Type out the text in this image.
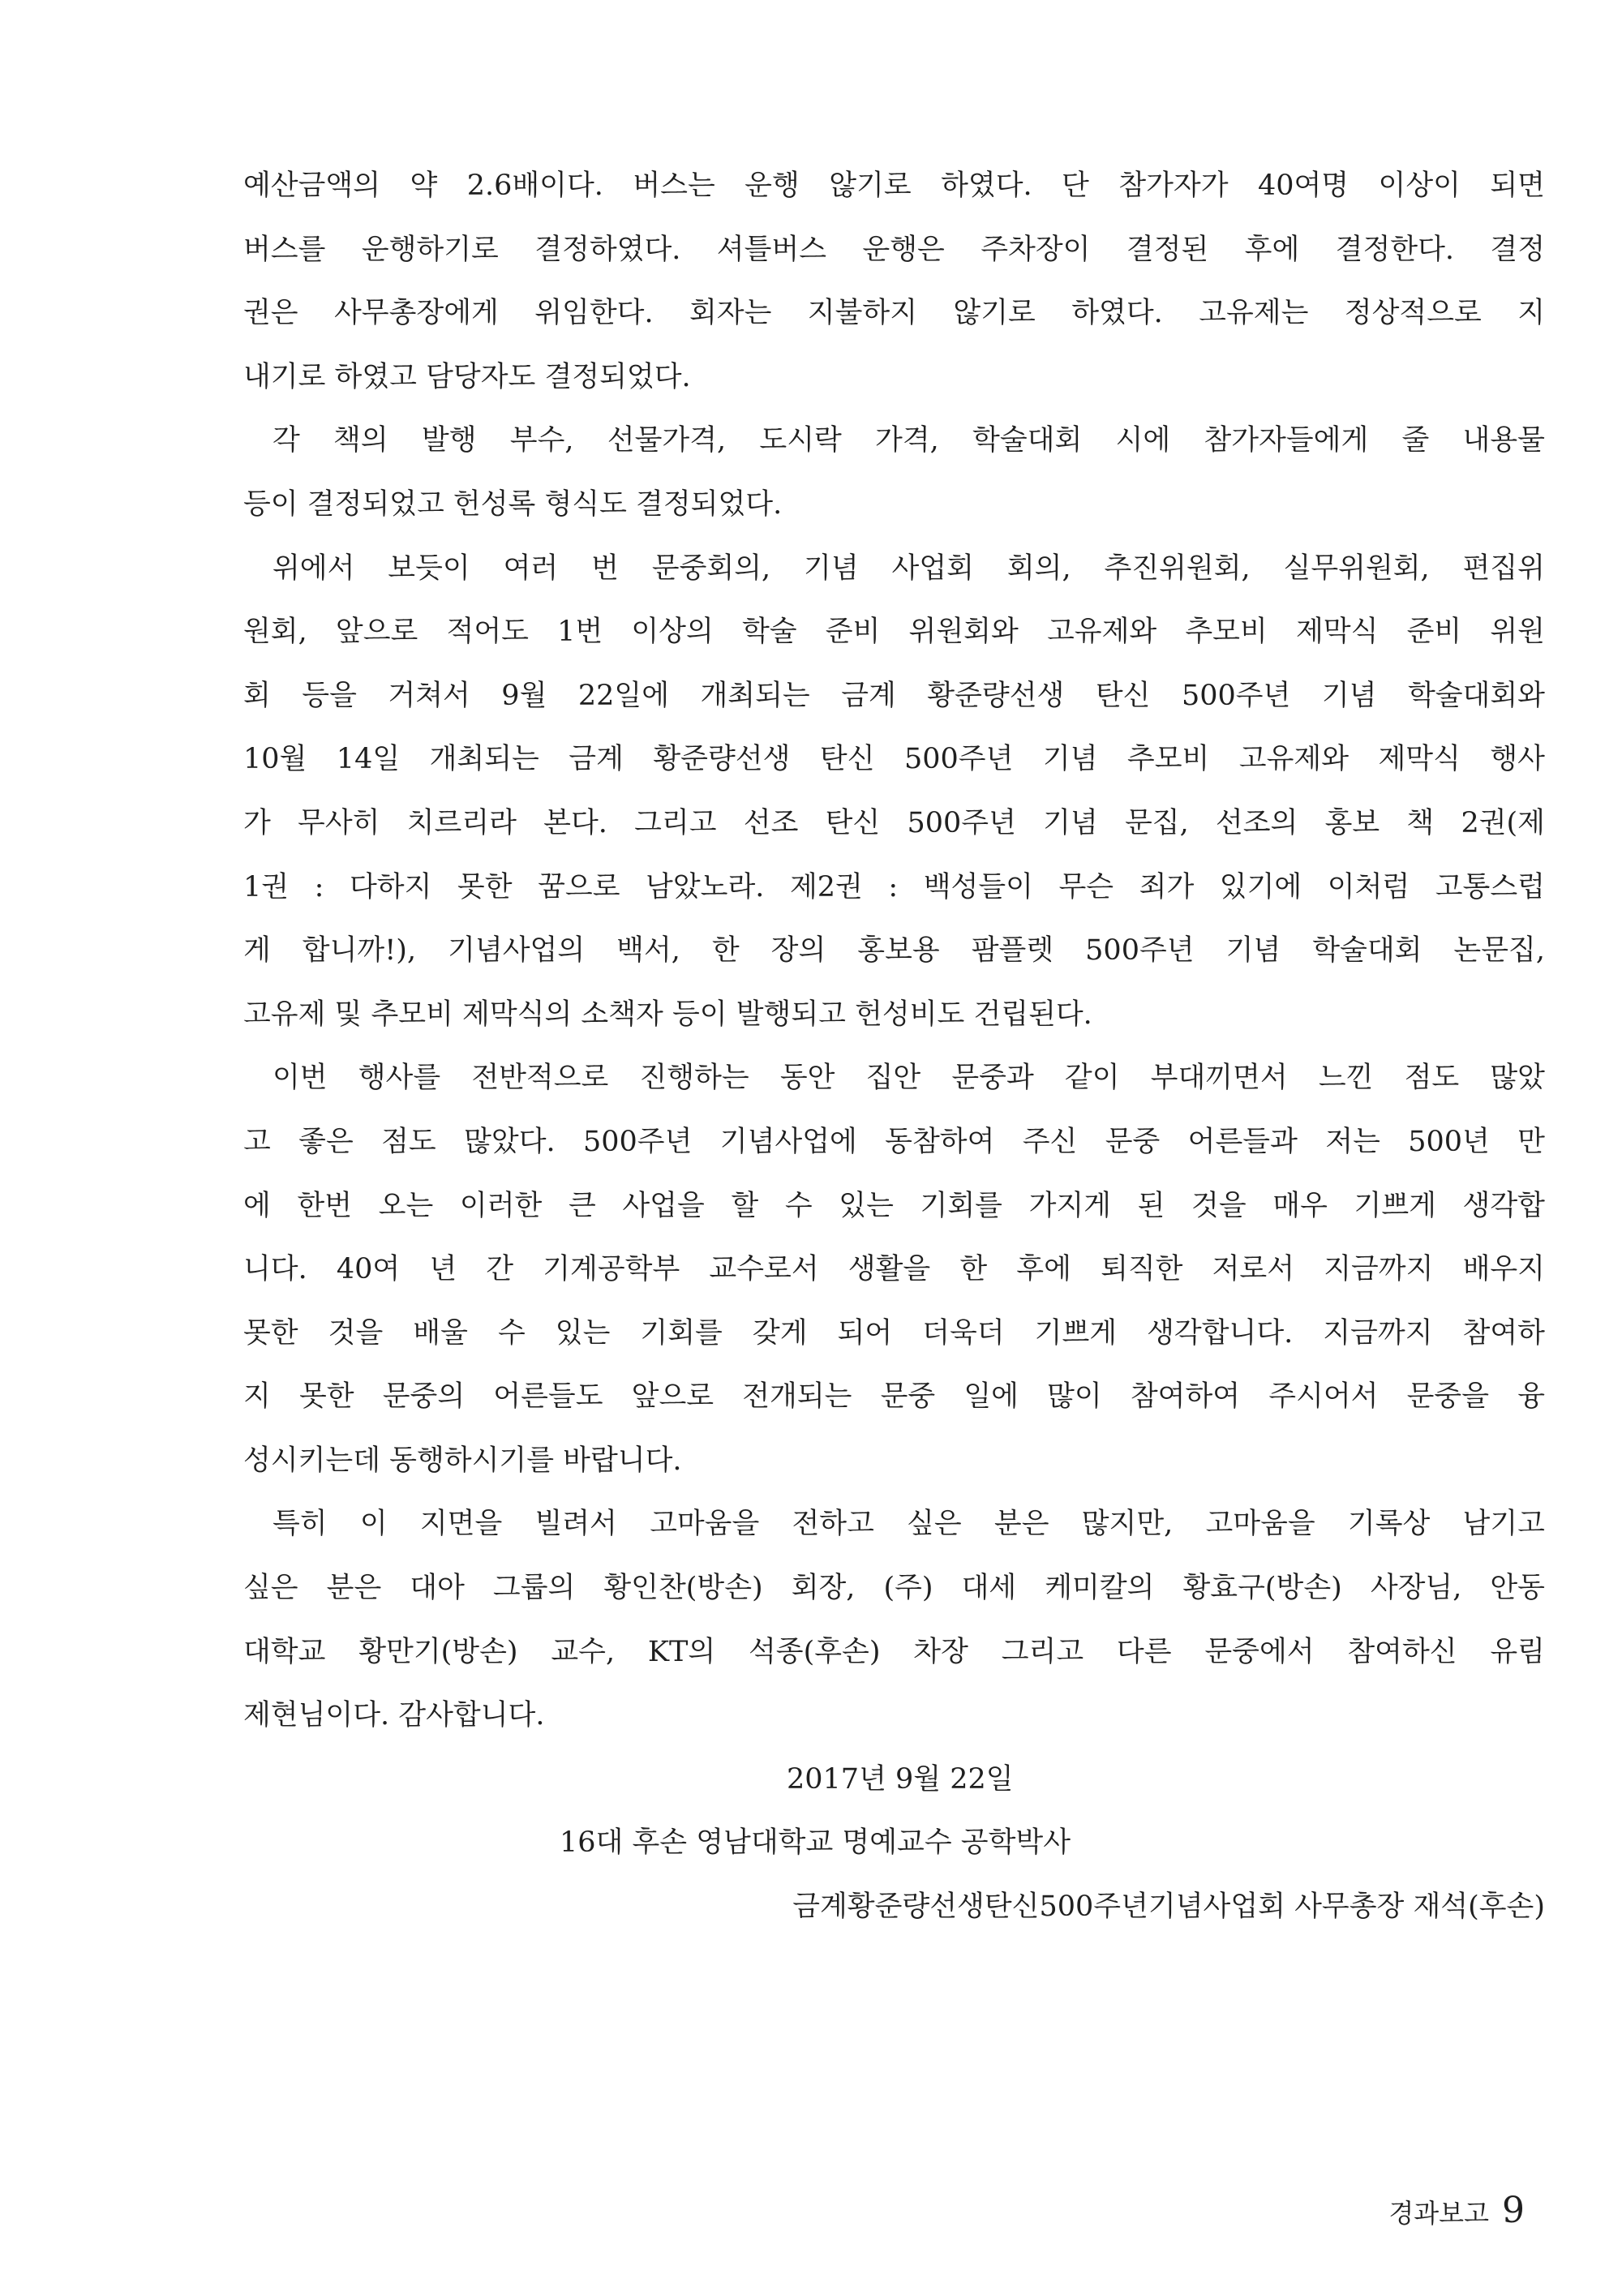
예산금액의 약 2.6배이다. 버스는 운행 않기로 하였다. 단 참가자가 40여명 이상이 되면
버스를 운행하기로 결정하였다. 셔틀버스 운행은 주차장이 결정된 후에 결정한다. 결정
권은 사무총장에게 위임한다. 회자는 지불하지 않기로 하였다. 고유제는 정상적으로 지
내기로 하였고 담당자도 결정되었다.
각 책의 발행 부수, 선물가격, 도시락 가격, 학술대회 시에 참가자들에게 줄 내용물
등이 결정되었고 헌성록 형식도 결정되었다.
위에서 보듯이 여러 번 문중회의, 기념 사업회 회의, 추진위원회, 실무위원회, 편집위
원회, 앞으로 적어도 1번 이상의 학술 준비 위원회와 고유제와 추모비 제막식 준비 위원
회 등을 거쳐서 9월 22일에 개최되는 금계 황준량선생 탄신 500주년 기념 학술대회와
10월 14일 개최되는 금계 황준량선생 탄신 500주년 기념 추모비 고유제와 제막식 행사
가 무사히 치르리라 본다. 그리고 선조 탄신 500주년 기념 문집, 선조의 홍보 책 2권(제
1권 : 다하지 못한 꿈으로 남았노라. 제2권 : 백성들이 무슨 죄가 있기에 이처럼 고통스럽
게 합니까!), 기념사업의 백서, 한 장의 홍보용 팜플렛 500주년 기념 학술대회 논문집,
고유제 및 추모비 제막식의 소책자 등이 발행되고 헌성비도 건립된다.
이번 행사를 전반적으로 진행하는 동안 집안 문중과 같이 부대끼면서 느낀 점도 많았
고 좋은 점도 많았다. 500주년 기념사업에 동참하여 주신 문중 어른들과 저는 500년 만
에 한번 오는 이러한 큰 사업을 할 수 있는 기회를 가지게 된 것을 매우 기쁘게 생각합
니다. 40여 년 간 기계공학부 교수로서 생활을 한 후에 퇴직한 저로서 지금까지 배우지
못한 것을 배울 수 있는 기회를 갖게 되어 더욱더 기쁘게 생각합니다. 지금까지 참여하
지 못한 문중의 어른들도 앞으로 전개되는 문중 일에 많이 참여하여 주시어서 문중을 융
성시키는데 동행하시기를 바랍니다.
특히 이 지면을 빌려서 고마움을 전하고 싶은 분은 많지만, 고마움을 기록상 남기고
싶은 분은 대아 그룹의 황인찬(방손) 회장, (주) 대세 케미칼의 황효구(방손) 사장님, 안동
대학교 황만기(방손) 교수, KT의 석종(후손) 차장 그리고 다른 문중에서 참여하신 유림
제현님이다. 감사합니다.
2017년 9월 22일
16대 후손 영남대학교 명예교수 공학박사
금계황준량선생탄신500주년기념사업회 사무총장 재석(후손)
경과보고 9
